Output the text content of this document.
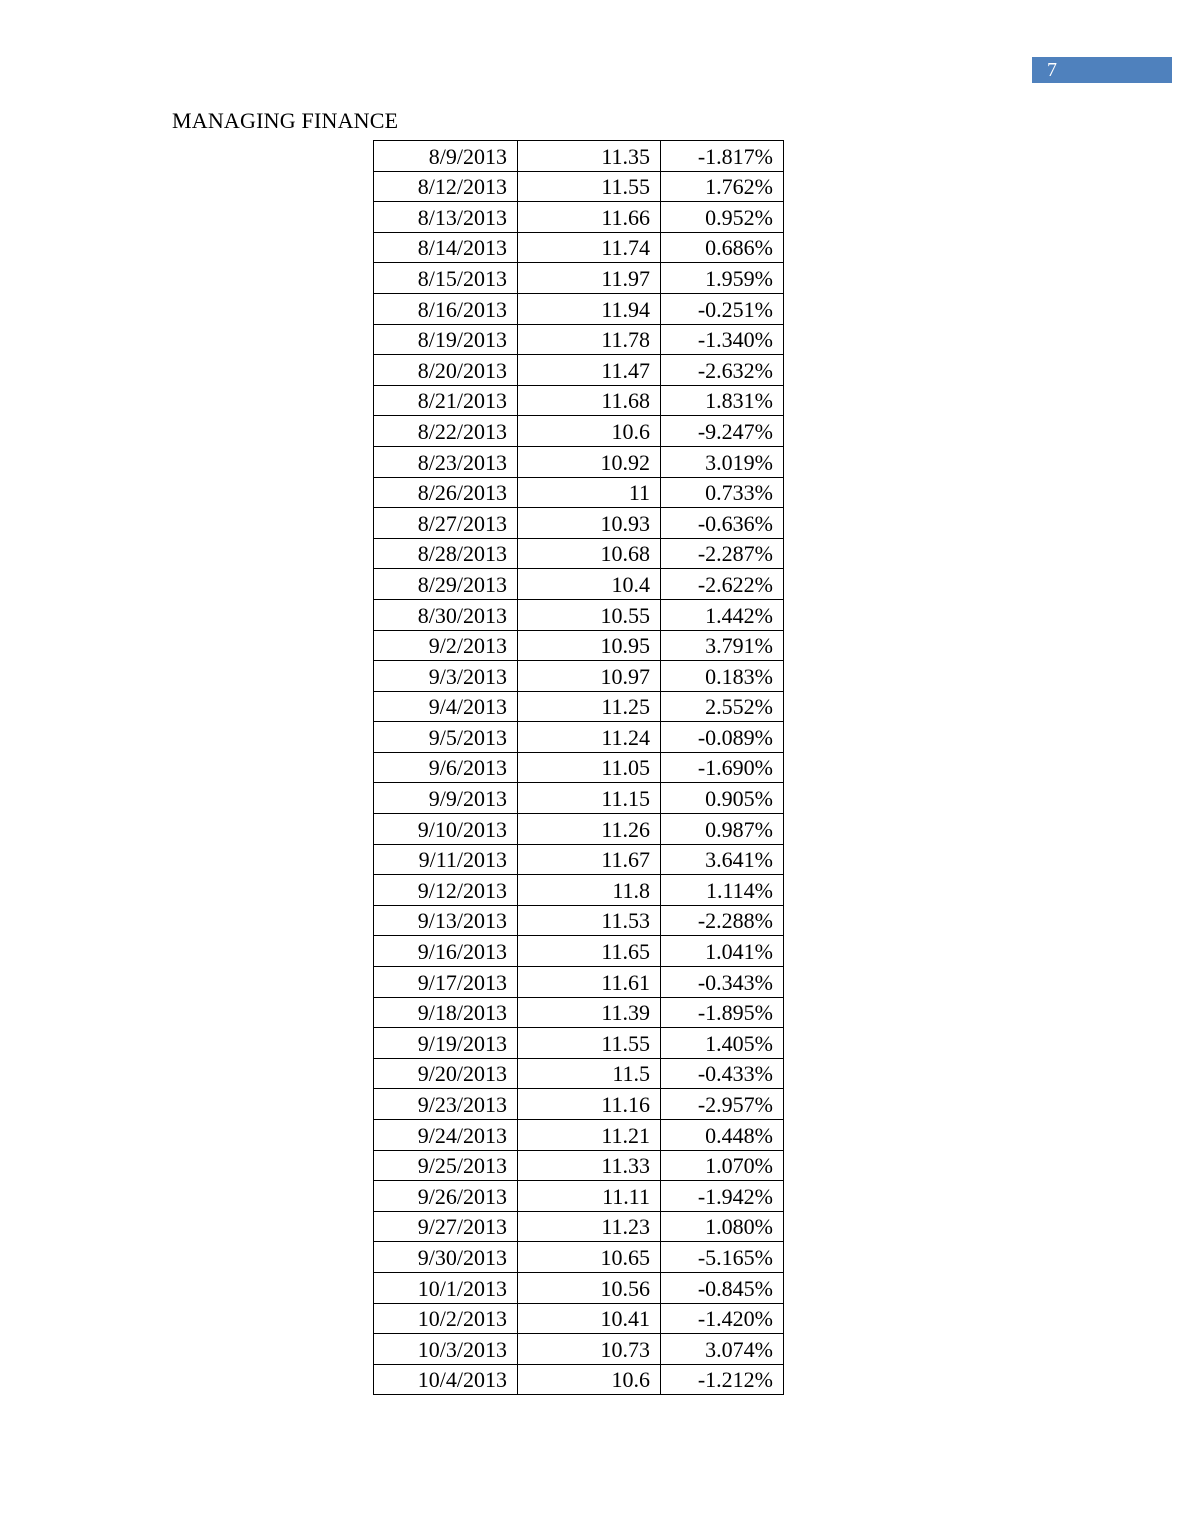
7
MANAGING FINANCE
8/9/2013	11.35	-1.817%
8/12/2013	11.55	1.762%
8/13/2013	11.66	0.952%
8/14/2013	11.74	0.686%
8/15/2013	11.97	1.959%
8/16/2013	11.94	-0.251%
8/19/2013	11.78	-1.340%
8/20/2013	11.47	-2.632%
8/21/2013	11.68	1.831%
8/22/2013	10.6	-9.247%
8/23/2013	10.92	3.019%
8/26/2013	11	0.733%
8/27/2013	10.93	-0.636%
8/28/2013	10.68	-2.287%
8/29/2013	10.4	-2.622%
8/30/2013	10.55	1.442%
9/2/2013	10.95	3.791%
9/3/2013	10.97	0.183%
9/4/2013	11.25	2.552%
9/5/2013	11.24	-0.089%
9/6/2013	11.05	-1.690%
9/9/2013	11.15	0.905%
9/10/2013	11.26	0.987%
9/11/2013	11.67	3.641%
9/12/2013	11.8	1.114%
9/13/2013	11.53	-2.288%
9/16/2013	11.65	1.041%
9/17/2013	11.61	-0.343%
9/18/2013	11.39	-1.895%
9/19/2013	11.55	1.405%
9/20/2013	11.5	-0.433%
9/23/2013	11.16	-2.957%
9/24/2013	11.21	0.448%
9/25/2013	11.33	1.070%
9/26/2013	11.11	-1.942%
9/27/2013	11.23	1.080%
9/30/2013	10.65	-5.165%
10/1/2013	10.56	-0.845%
10/2/2013	10.41	-1.420%
10/3/2013	10.73	3.074%
10/4/2013	10.6	-1.212%
